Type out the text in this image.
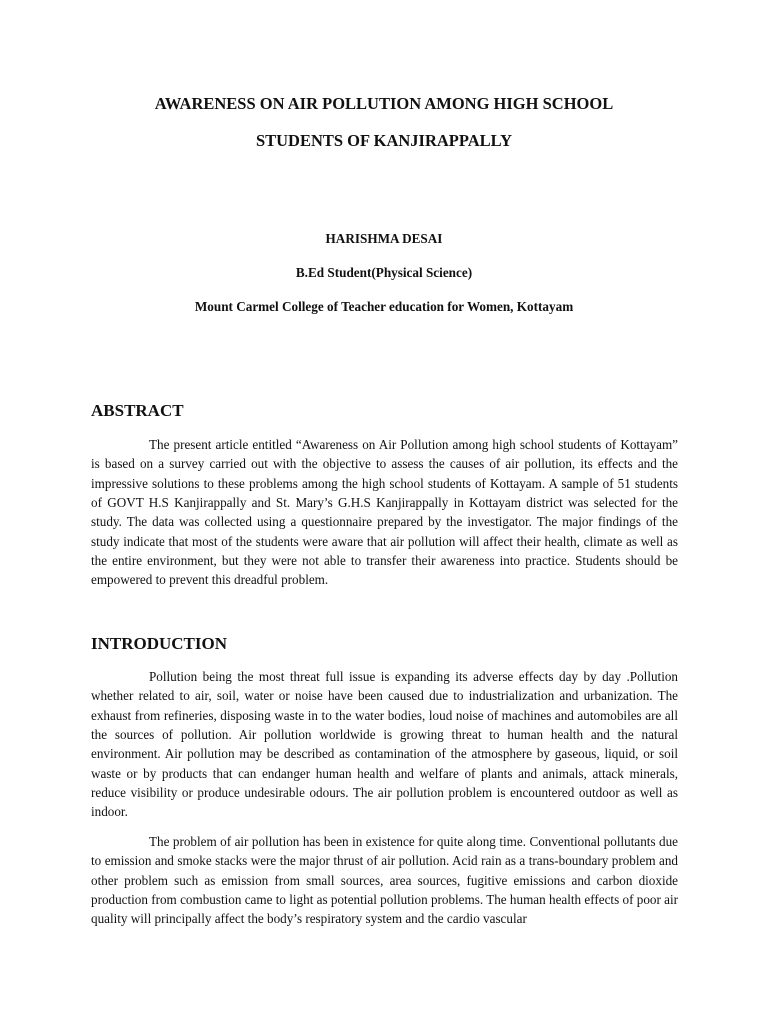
AWARENESS ON AIR POLLUTION AMONG HIGH SCHOOL
STUDENTS OF KANJIRAPPALLY

HARISHMA DESAI

B.Ed Student(Physical Science)

Mount Carmel College of Teacher education for Women, Kottayam

ABSTRACT

The present article entitled “Awareness on Air Pollution among high school students of Kottayam” is based on a survey carried out with the objective to assess the causes of air pollution, its effects and the impressive solutions to these problems among the high school students of Kottayam. A sample of 51 students of GOVT H.S Kanjirappally and St. Mary’s G.H.S Kanjirappally in Kottayam district was selected for the study. The data was collected using a questionnaire prepared by the investigator. The major findings of the study indicate that most of the students were aware that air pollution will affect their health, climate as well as the entire environment, but they were not able to transfer their awareness into practice. Students should be empowered to prevent this dreadful problem.

INTRODUCTION

Pollution being the most threat full issue is expanding its adverse effects day by day .Pollution whether related to air, soil, water or noise have been caused due to industrialization and urbanization. The exhaust from refineries, disposing waste in to the water bodies, loud noise of machines and automobiles are all the sources of pollution. Air pollution worldwide is growing threat to human health and the natural environment. Air pollution may be described as contamination of the atmosphere by gaseous, liquid, or soil waste or by products that can endanger human health and welfare of plants and animals, attack minerals, reduce visibility or produce undesirable odours. The air pollution problem is encountered outdoor as well as indoor.

The problem of air pollution has been in existence for quite along time. Conventional pollutants due to emission and smoke stacks were the major thrust of air pollution. Acid rain as a trans-boundary problem and other problem such as emission from small sources, area sources, fugitive emissions and carbon dioxide production from combustion came to light as potential pollution problems. The human health effects of poor air quality will principally affect the body’s respiratory system and the cardio vascular
